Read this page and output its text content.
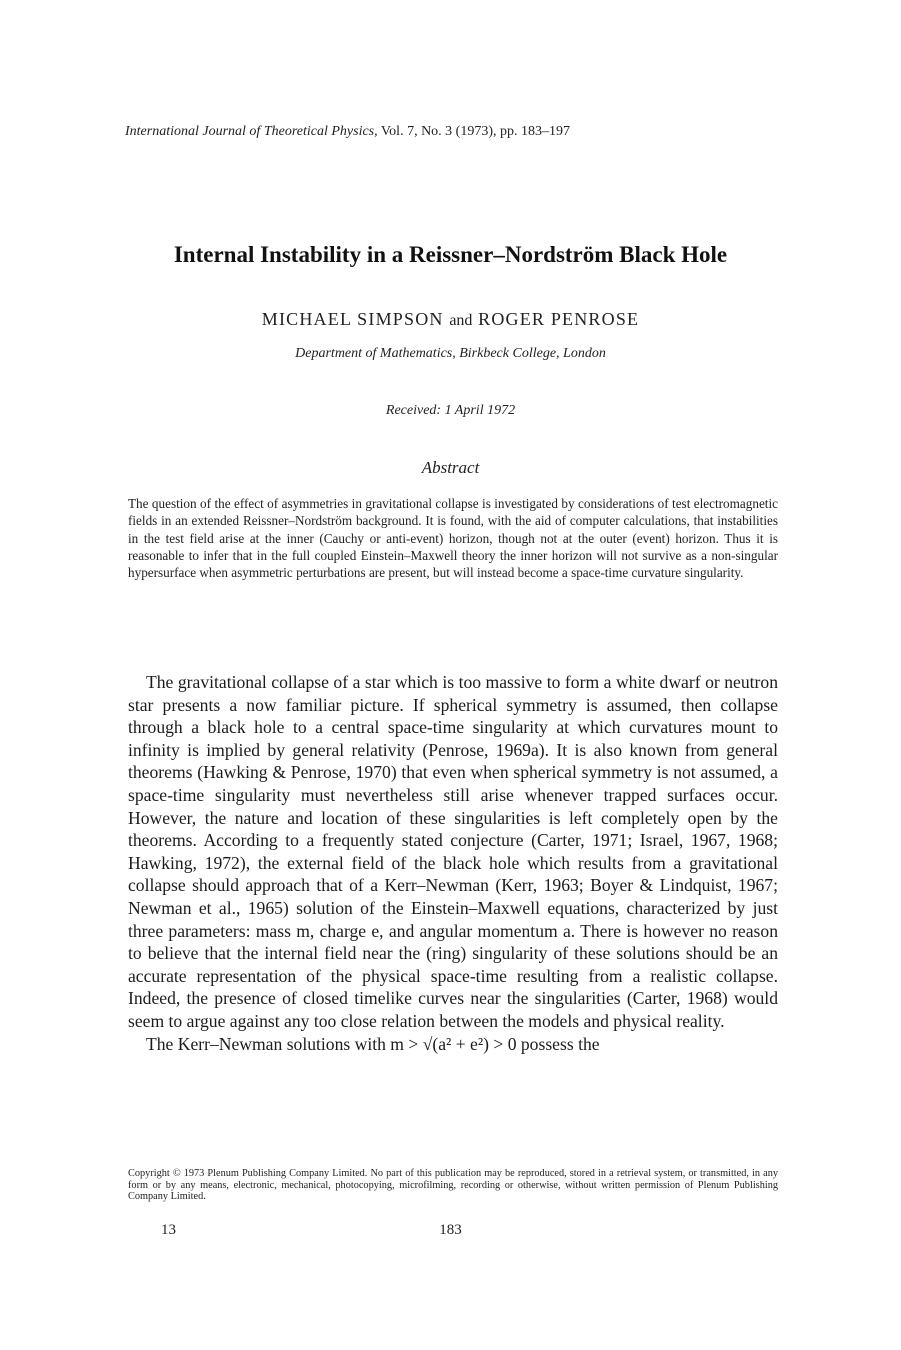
International Journal of Theoretical Physics, Vol. 7, No. 3 (1973), pp. 183–197
Internal Instability in a Reissner–Nordström Black Hole
MICHAEL SIMPSON and ROGER PENROSE
Department of Mathematics, Birkbeck College, London
Received: 1 April 1972
Abstract
The question of the effect of asymmetries in gravitational collapse is investigated by considerations of test electromagnetic fields in an extended Reissner–Nordström background. It is found, with the aid of computer calculations, that instabilities in the test field arise at the inner (Cauchy or anti-event) horizon, though not at the outer (event) horizon. Thus it is reasonable to infer that in the full coupled Einstein–Maxwell theory the inner horizon will not survive as a non-singular hypersurface when asymmetric perturbations are present, but will instead become a space-time curvature singularity.

The gravitational collapse of a star which is too massive to form a white dwarf or neutron star presents a now familiar picture. If spherical symmetry is assumed, then collapse through a black hole to a central space-time singularity at which curvatures mount to infinity is implied by general relativity (Penrose, 1969a). It is also known from general theorems (Hawking & Penrose, 1970) that even when spherical symmetry is not assumed, a space-time singularity must nevertheless still arise whenever trapped surfaces occur. However, the nature and location of these singularities is left completely open by the theorems. According to a frequently stated conjecture (Carter, 1971; Israel, 1967, 1968; Hawking, 1972), the external field of the black hole which results from a gravitational collapse should approach that of a Kerr–Newman (Kerr, 1963; Boyer & Lindquist, 1967; Newman et al., 1965) solution of the Einstein–Maxwell equations, characterized by just three parameters: mass m, charge e, and angular momentum a. There is however no reason to believe that the internal field near the (ring) singularity of these solutions should be an accurate representation of the physical space-time resulting from a realistic collapse. Indeed, the presence of closed timelike curves near the singularities (Carter, 1968) would seem to argue against any too close relation between the models and physical reality.

The Kerr–Newman solutions with m > √(a² + e²) > 0 possess the

Copyright © 1973 Plenum Publishing Company Limited. No part of this publication may be reproduced, stored in a retrieval system, or transmitted, in any form or by any means, electronic, mechanical, photocopying, microfilming, recording or otherwise, without written permission of Plenum Publishing Company Limited.
13	183
